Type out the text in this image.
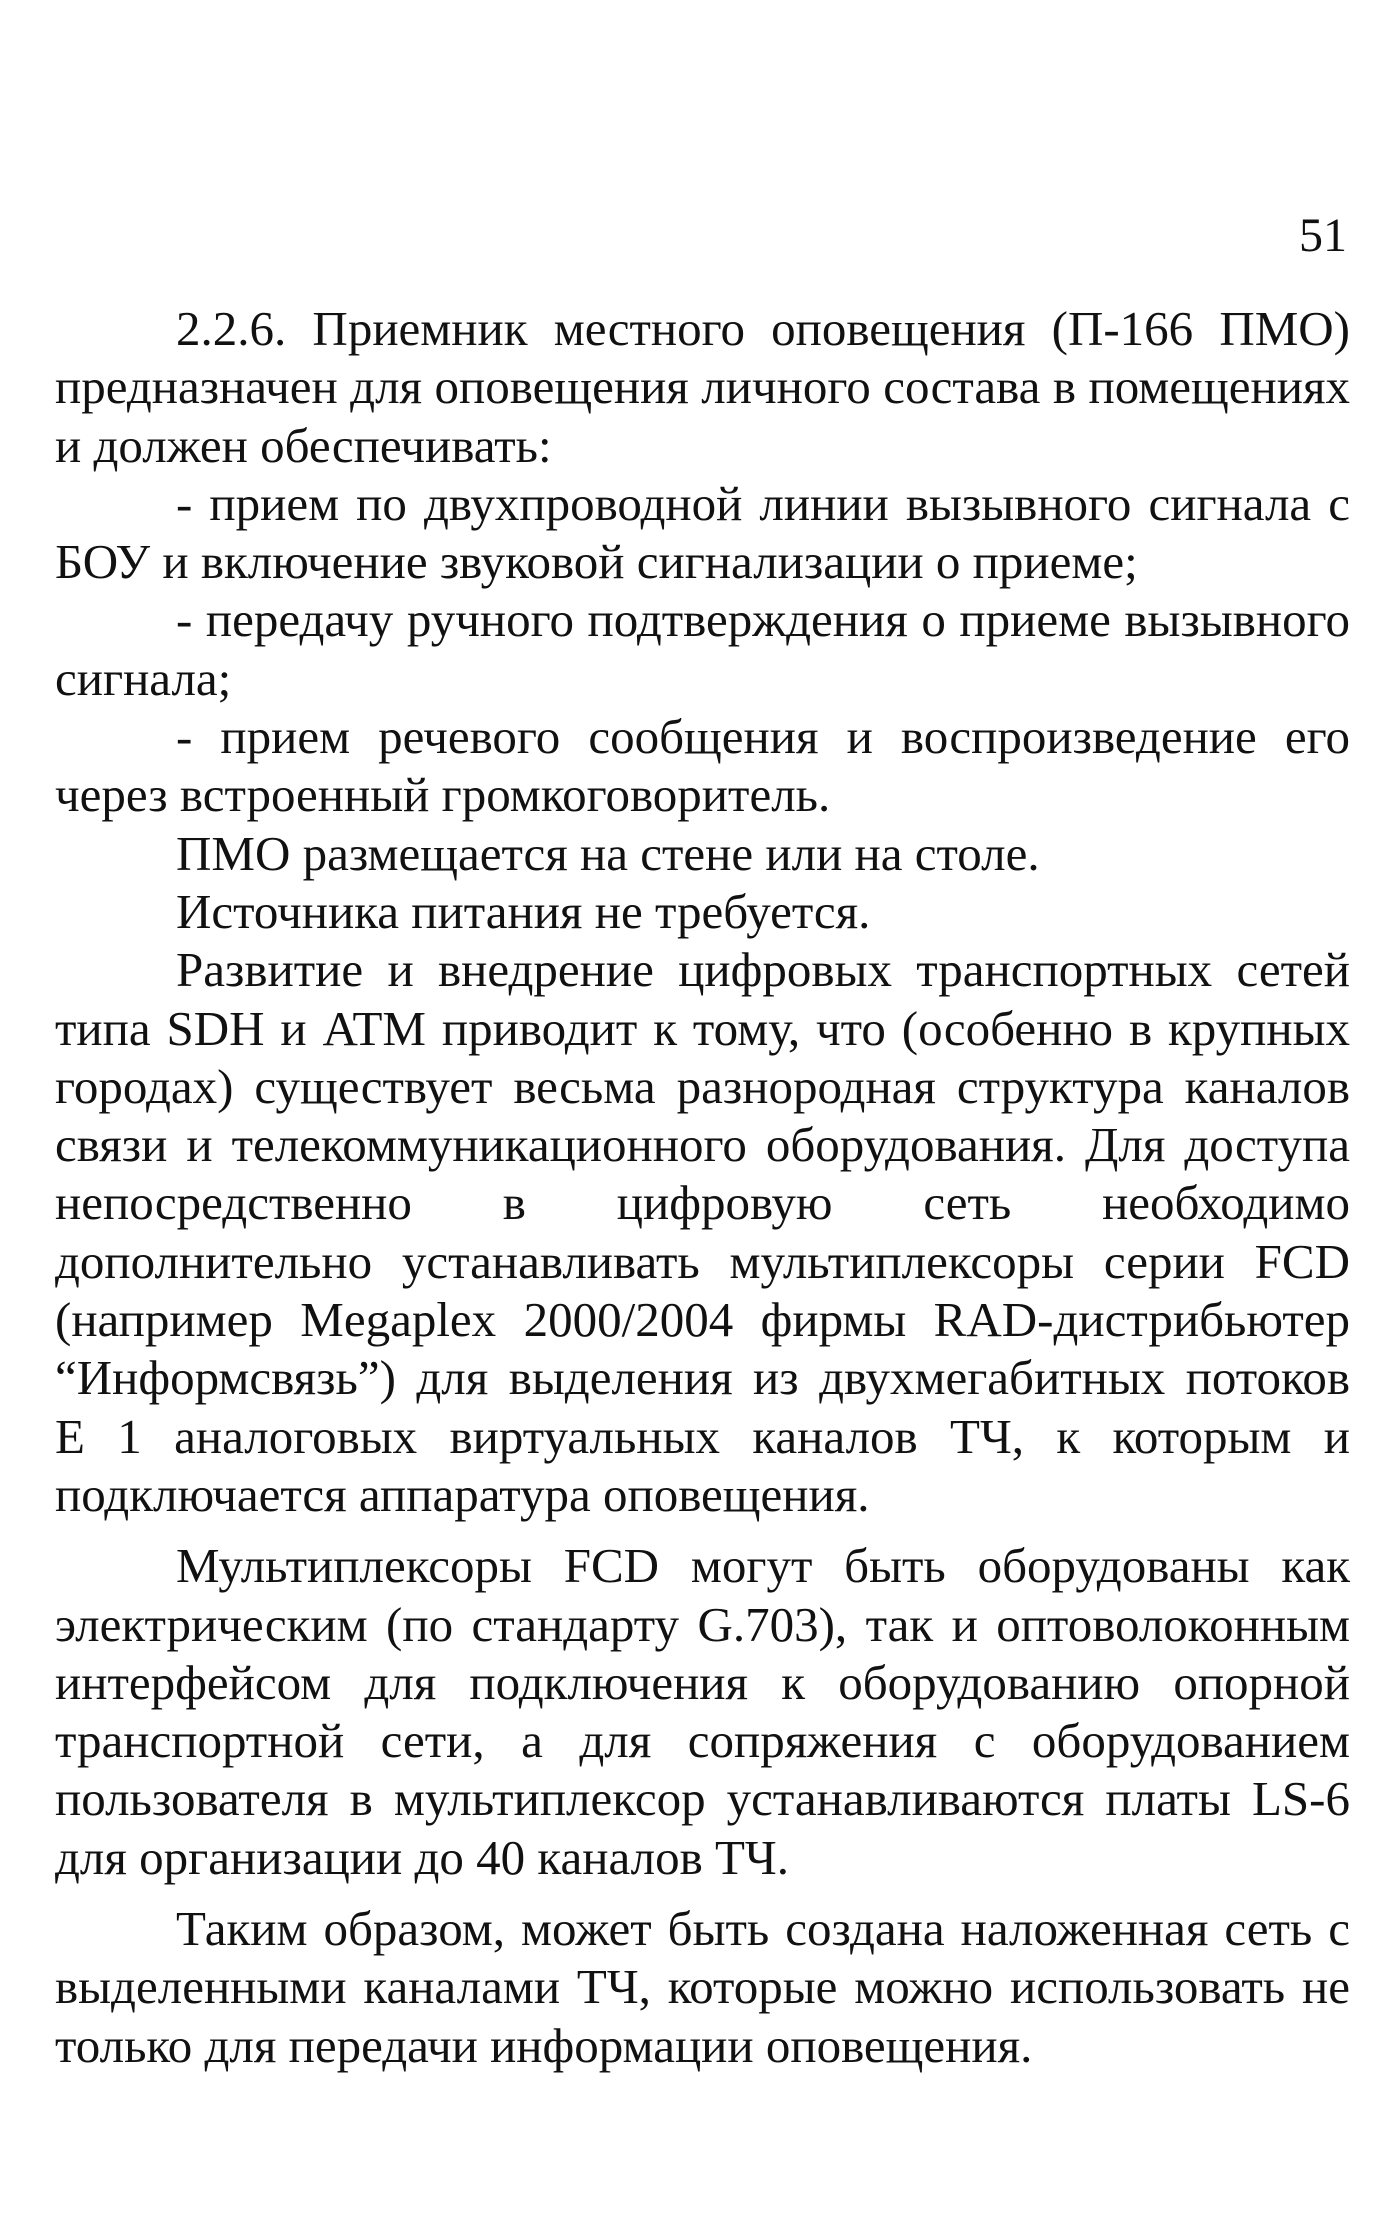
51

2.2.6. Приемник местного оповещения (П-166 ПМО) предназначен для оповещения личного состава в помещениях и должен обеспечивать:

- прием по двухпроводной линии вызывного сигнала с БОУ и включение звуковой сигнализации о приеме;

- передачу ручного подтверждения о приеме вызывного сигнала;

- прием речевого сообщения и воспроизведение его через встроенный громкоговоритель.

ПМО размещается на стене или на столе.

Источника питания не требуется.

Развитие и внедрение цифровых транспортных сетей типа SDH и ATM приводит к тому, что (особенно в крупных городах) существует весьма разнородная структура каналов связи и телекоммуникационного оборудования. Для доступа непосредственно в цифровую сеть необходимо дополнительно устанавливать мультиплексоры серии FCD (например Megaplex 2000/2004 фирмы RAD-дистрибьютер “Информсвязь”) для выделения из двухмегабитных потоков E 1 аналоговых виртуальных каналов ТЧ, к которым и подключается аппаратура оповещения.

Мультиплексоры FCD могут быть оборудованы как электрическим (по стандарту G.703), так и оптоволоконным интерфейсом для подключения к оборудованию опорной транспортной сети, а для сопряжения с оборудованием пользователя в мультиплексор устанавливаются платы LS-6 для организации до 40 каналов ТЧ.

Таким образом, может быть создана наложенная сеть с выделенными каналами ТЧ, которые можно использовать не только для передачи информации оповещения.
